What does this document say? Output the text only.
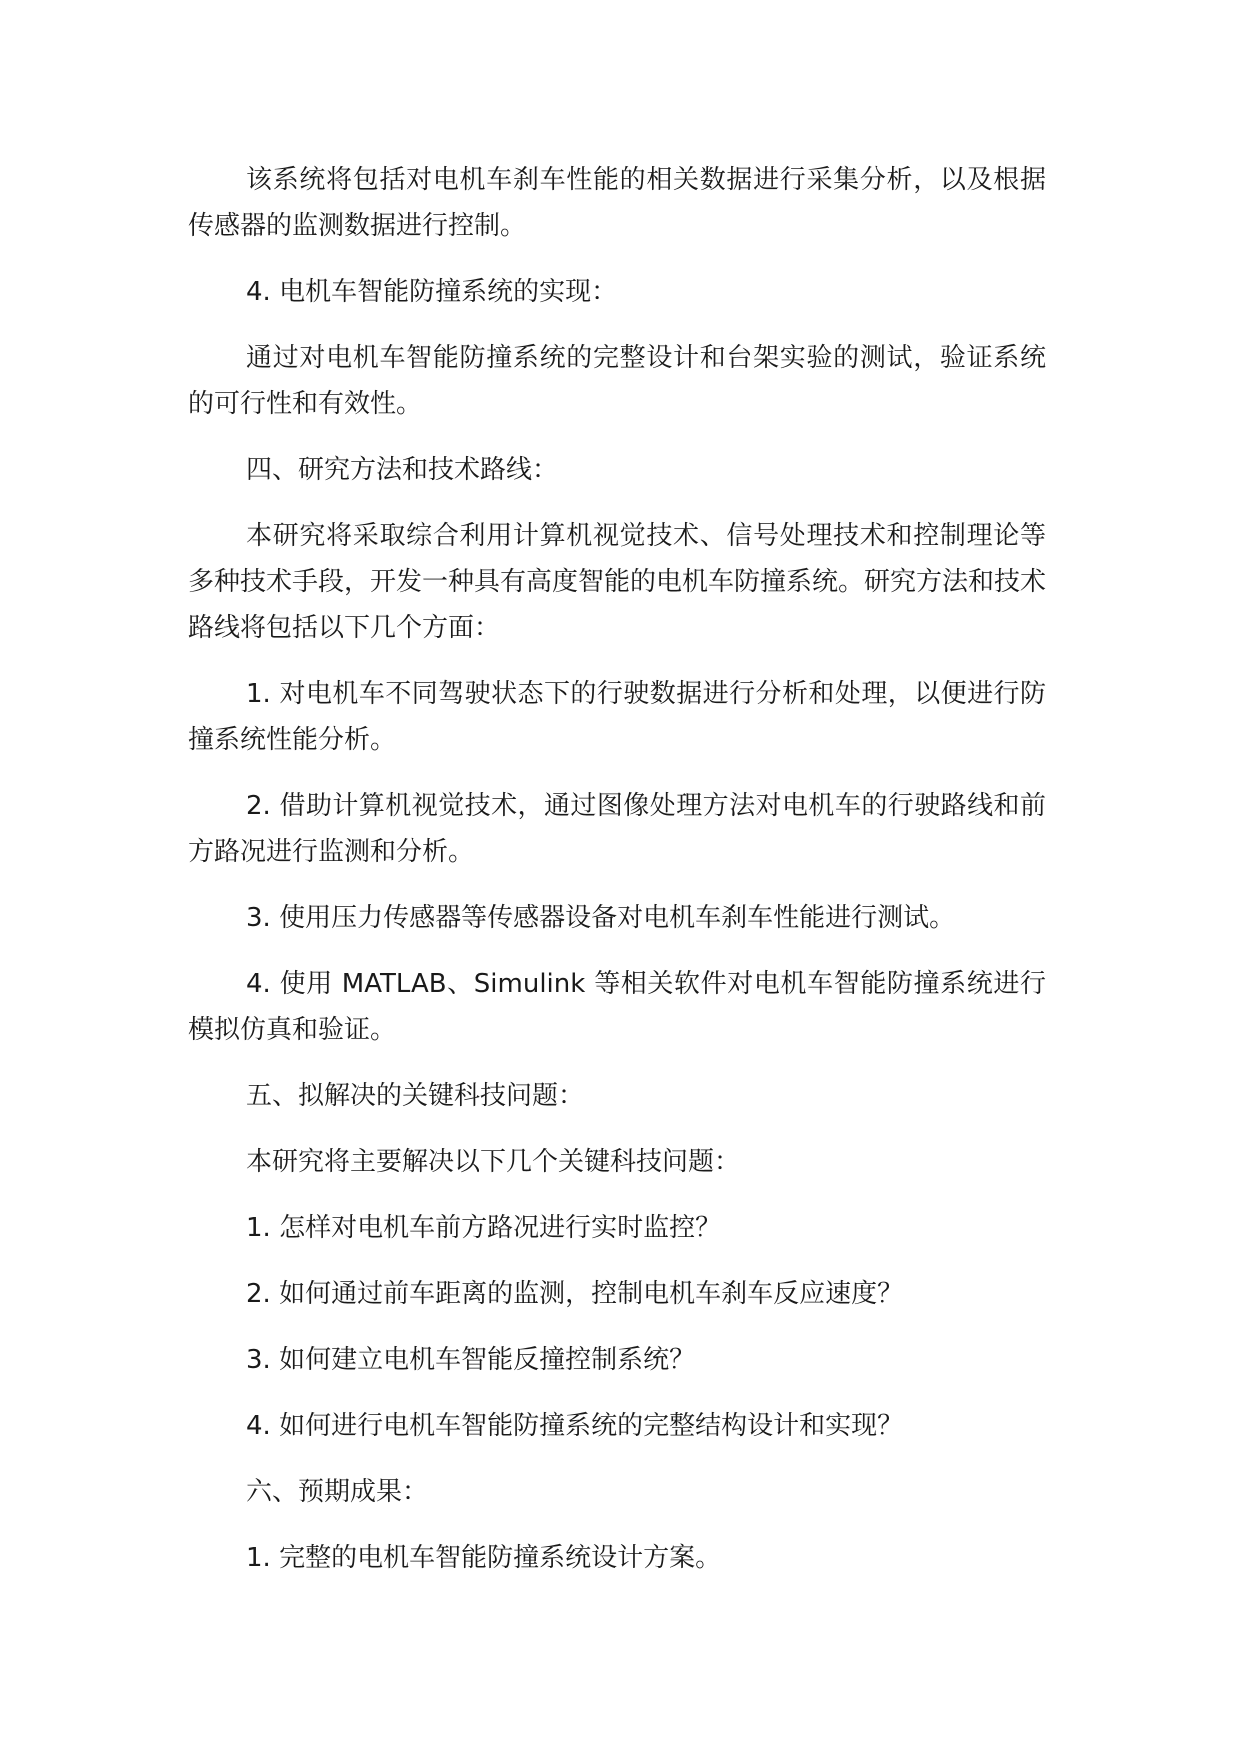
该系统将包括对电机车刹车性能的相关数据进行采集分析，以及根据传感器的监测数据进行控制。

4. 电机车智能防撞系统的实现：

通过对电机车智能防撞系统的完整设计和台架实验的测试，验证系统的可行性和有效性。

四、研究方法和技术路线：

本研究将采取综合利用计算机视觉技术、信号处理技术和控制理论等多种技术手段，开发一种具有高度智能的电机车防撞系统。研究方法和技术路线将包括以下几个方面：

1. 对电机车不同驾驶状态下的行驶数据进行分析和处理，以便进行防撞系统性能分析。

2. 借助计算机视觉技术，通过图像处理方法对电机车的行驶路线和前方路况进行监测和分析。

3. 使用压力传感器等传感器设备对电机车刹车性能进行测试。

4. 使用 MATLAB、Simulink 等相关软件对电机车智能防撞系统进行模拟仿真和验证。

五、拟解决的关键科技问题：

本研究将主要解决以下几个关键科技问题：

1. 怎样对电机车前方路况进行实时监控？

2. 如何通过前车距离的监测，控制电机车刹车反应速度？

3. 如何建立电机车智能反撞控制系统？

4. 如何进行电机车智能防撞系统的完整结构设计和实现？

六、预期成果：

1. 完整的电机车智能防撞系统设计方案。
